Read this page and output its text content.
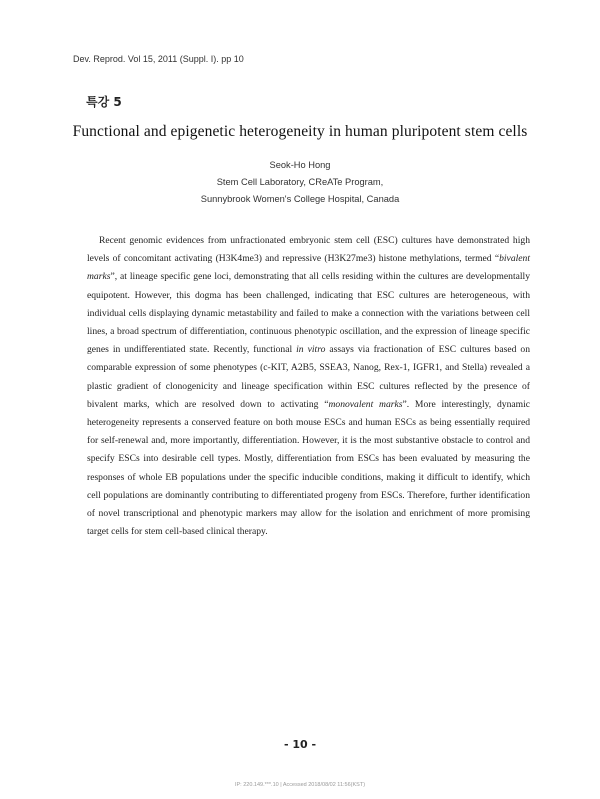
Dev. Reprod. Vol 15, 2011 (Suppl. I). pp 10
특강 5
Functional and epigenetic heterogeneity in human pluripotent stem cells
Seok-Ho Hong
Stem Cell Laboratory, CReATe Program,
Sunnybrook Women's College Hospital, Canada
Recent genomic evidences from unfractionated embryonic stem cell (ESC) cultures have demonstrated high levels of concomitant activating (H3K4me3) and repressive (H3K27me3) histone methylations, termed “bivalent marks”, at lineage specific gene loci, demonstrating that all cells residing within the cultures are developmentally equipotent. However, this dogma has been challenged, indicating that ESC cultures are heterogeneous, with individual cells displaying dynamic metastability and failed to make a connection with the variations between cell lines, a broad spectrum of differentiation, continuous phenotypic oscillation, and the expression of lineage specific genes in undifferentiated state. Recently, functional in vitro assays via fractionation of ESC cultures based on comparable expression of some phenotypes (c-KIT, A2B5, SSEA3, Nanog, Rex-1, IGFR1, and Stella) revealed a plastic gradient of clonogenicity and lineage specification within ESC cultures reflected by the presence of bivalent marks, which are resolved down to activating “monovalent marks”. More interestingly, dynamic heterogeneity represents a conserved feature on both mouse ESCs and human ESCs as being essentially required for self-renewal and, more importantly, differentiation. However, it is the most substantive obstacle to control and specify ESCs into desirable cell types. Mostly, differentiation from ESCs has been evaluated by measuring the responses of whole EB populations under the specific inducible conditions, making it difficult to identify, which cell populations are dominantly contributing to differentiated progeny from ESCs. Therefore, further identification of novel transcriptional and phenotypic markers may allow for the isolation and enrichment of more promising target cells for stem cell-based clinical therapy.
- 10 -
IP: 220.149.***.10 | Accessed 2018/08/02 11:56(KST)
